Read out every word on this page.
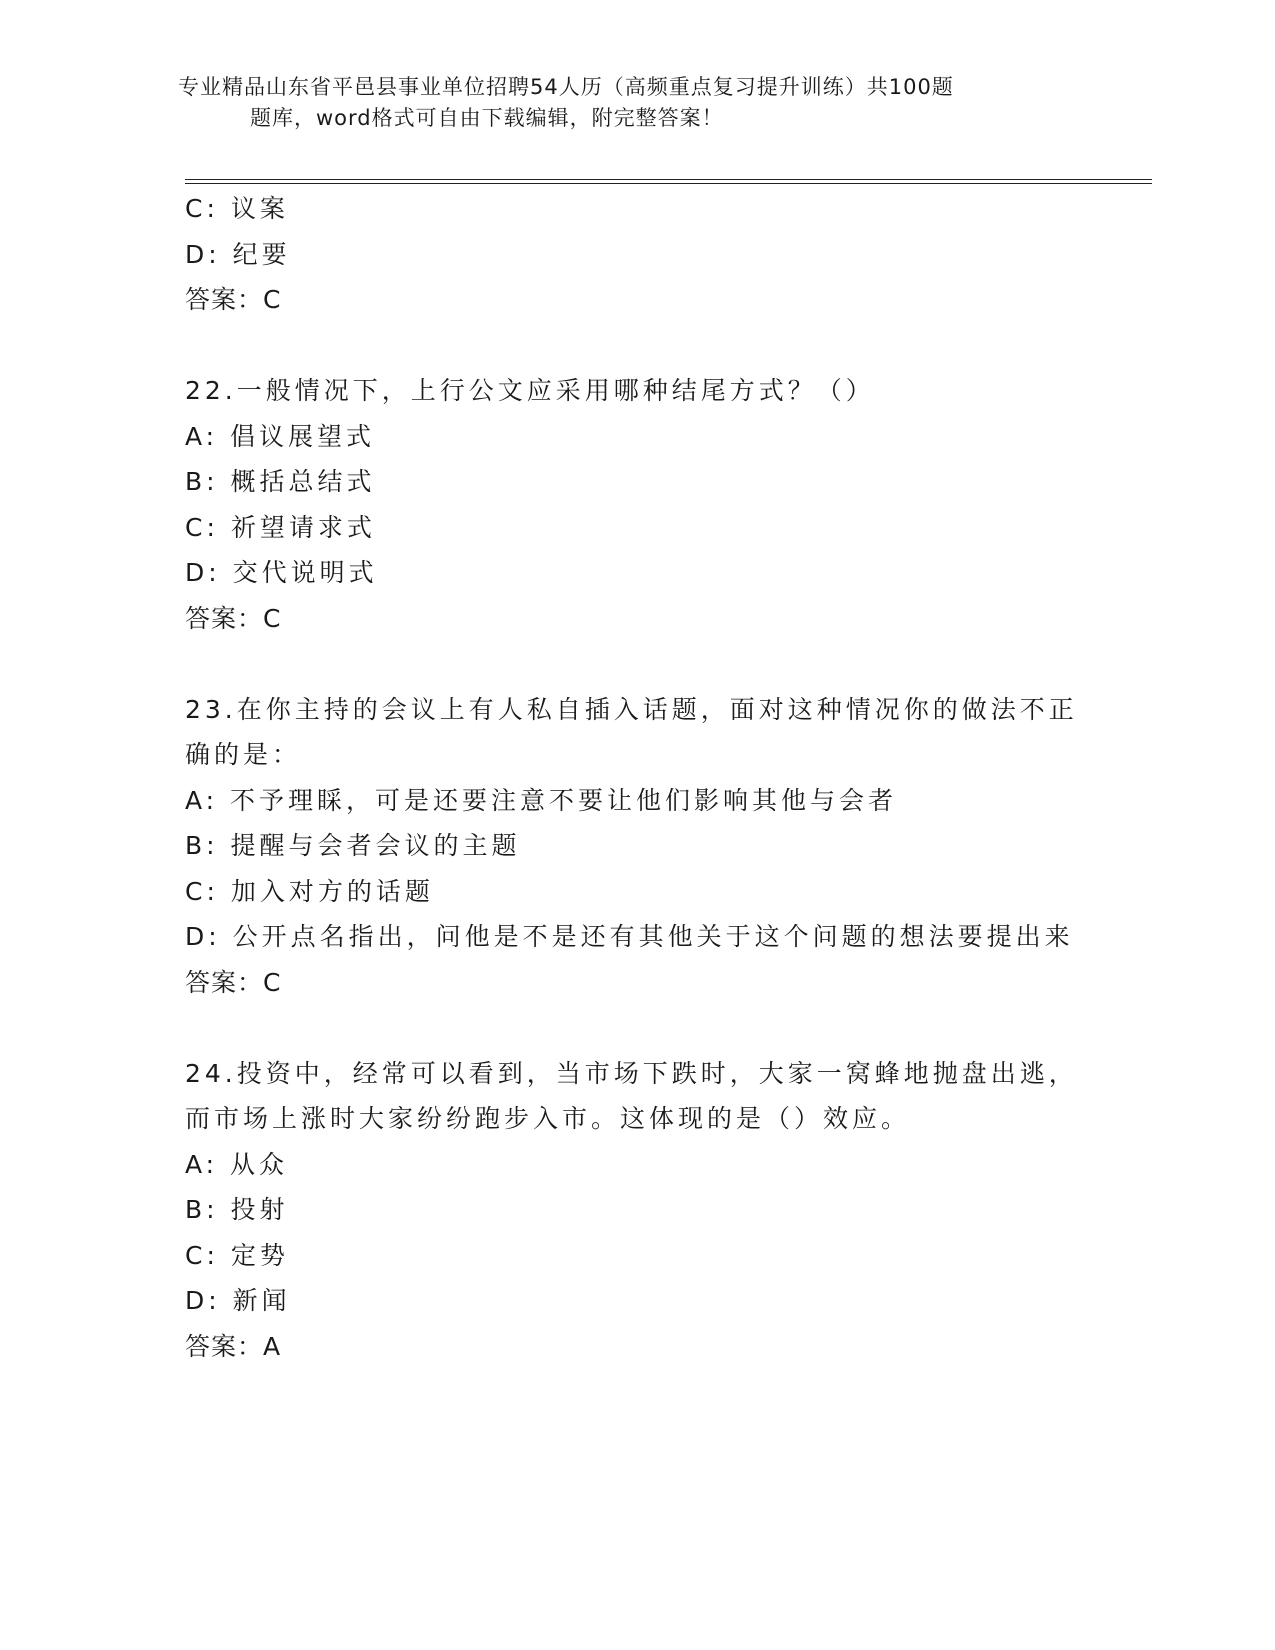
专业精品山东省平邑县事业单位招聘54人历（高频重点复习提升训练）共100题

题库，word格式可自由下载编辑，附完整答案！
C: 议案
D: 纪要
答案：C
22.一般情况下，上行公文应采用哪种结尾方式？（）
A: 倡议展望式
B: 概括总结式
C: 祈望请求式
D: 交代说明式
答案：C
23.在你主持的会议上有人私自插入话题，面对这种情况你的做法不正
确的是：
A: 不予理睬，可是还要注意不要让他们影响其他与会者
B: 提醒与会者会议的主题
C: 加入对方的话题
D: 公开点名指出，问他是不是还有其他关于这个问题的想法要提出来
答案：C
24.投资中，经常可以看到，当市场下跌时，大家一窝蜂地抛盘出逃，
而市场上涨时大家纷纷跑步入市。这体现的是（）效应。
A: 从众
B: 投射
C: 定势
D: 新闻
答案：A
